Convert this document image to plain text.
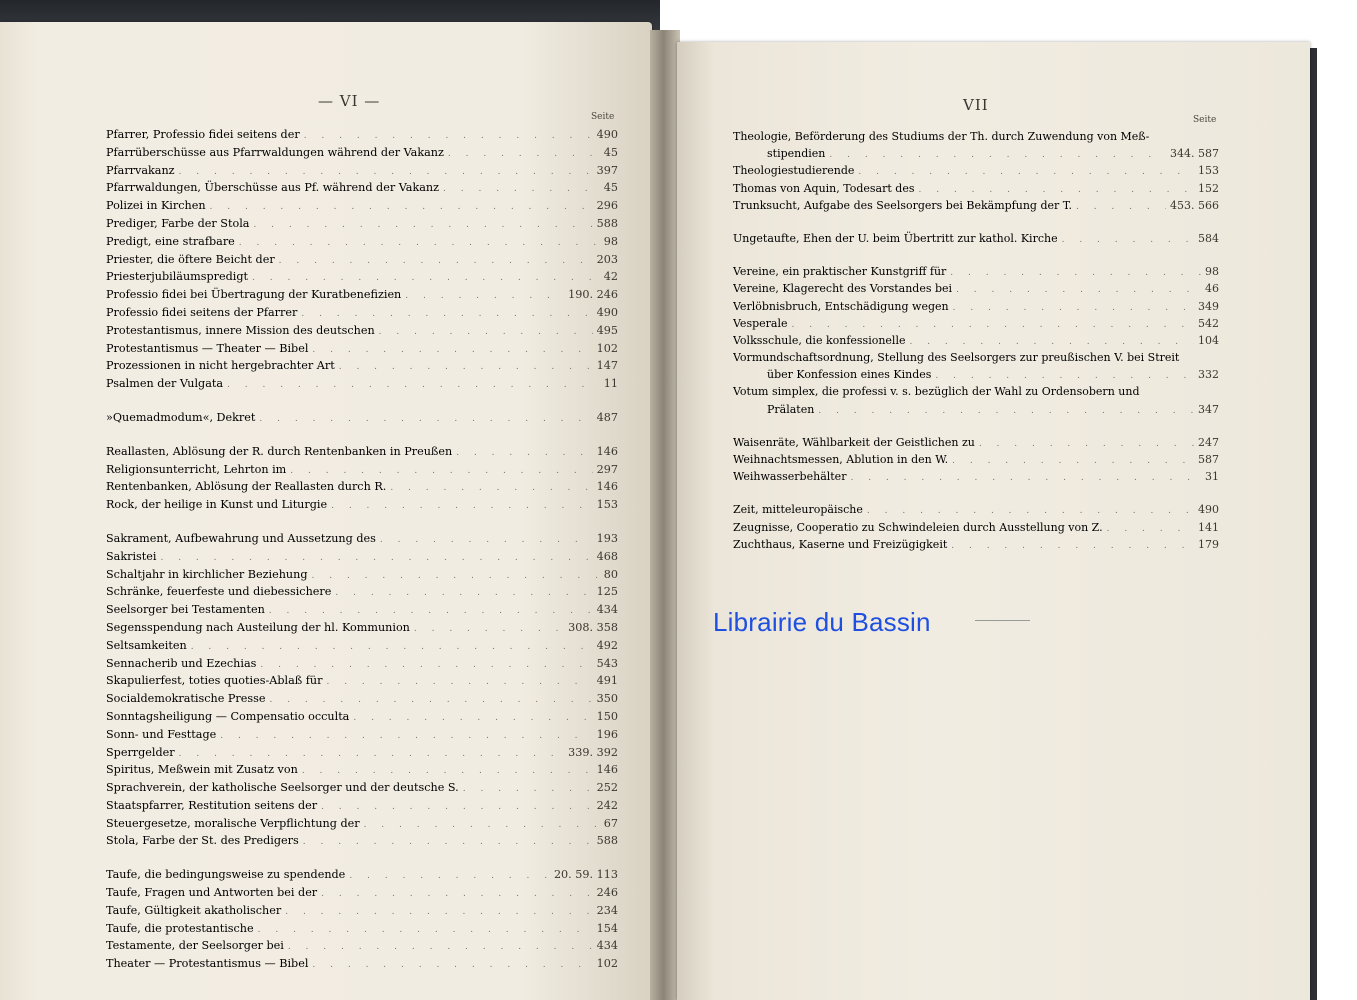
— VI —
Seite
VII
Seite
Pfarrer, Professio fidei seitens der . . .	490
Pfarrüberschüsse aus Pfarrwaldungen während der Vakanz . . .	45
Pfarrvakanz . . .	397
Pfarrwaldungen, Überschüsse aus Pf. während der Vakanz . . .	45
Polizei in Kirchen . . .	296
Prediger, Farbe der Stola . . .	588
Predigt, eine strafbare . . .	98
Priester, die öftere Beicht der . . .	203
Priesterjubiläumspredigt . . .	42
Professio fidei bei Übertragung der Kuratbenefizien . . .	190. 246
Professio fidei seitens der Pfarrer . . .	490
Protestantismus, innere Mission des deutschen . . .	495
Protestantismus — Theater — Bibel . . .	102
Prozessionen in nicht hergebrachter Art . . .	147
Psalmen der Vulgata . . .	11
»Quemadmodum«, Dekret . . .	487
Reallasten, Ablösung der R. durch Rentenbanken in Preußen . . .	146
Religionsunterricht, Lehrton im . . .	297
Rentenbanken, Ablösung der Reallasten durch R. . . .	146
Rock, der heilige in Kunst und Liturgie . . .	153
Sakrament, Aufbewahrung und Aussetzung des . . .	193
Sakristei . . .	468
Schaltjahr in kirchlicher Beziehung . . .	80
Schränke, feuerfeste und diebessichere . . .	125
Seelsorger bei Testamenten . . .	434
Segensspendung nach Austeilung der hl. Kommunion . . .	308. 358
Seltsamkeiten . . .	492
Sennacherib und Ezechias . . .	543
Skapulierfest, toties quoties-Ablaß für . . .	491
Socialdemokratische Presse . . .	350
Sonntagsheiligung — Compensatio occulta . . .	150
Sonn- und Festtage . . .	196
Sperrgelder . . .	339. 392
Spiritus, Meßwein mit Zusatz von . . .	146
Sprachverein, der katholische Seelsorger und der deutsche S. . . .	252
Staatspfarrer, Restitution seitens der . . .	242
Steuergesetze, moralische Verpflichtung der . . .	67
Stola, Farbe der St. des Predigers . . .	588
Taufe, die bedingungsweise zu spendende . . .	20. 59. 113
Taufe, Fragen und Antworten bei der . . .	246
Taufe, Gültigkeit akatholischer . . .	234
Taufe, die protestantische . . .	154
Testamente, der Seelsorger bei . . .	434
Theater — Protestantismus — Bibel . . .	102
Theologie, Beförderung des Studiums der Th. durch Zuwendung von Meß-
stipendien . . .	344. 587
Theologiestudierende . . .	153
Thomas von Aquin, Todesart des . . .	152
Trunksucht, Aufgabe des Seelsorgers bei Bekämpfung der T. . . .	453. 566
Ungetaufte, Ehen der U. beim Übertritt zur kathol. Kirche . . .	584
Vereine, ein praktischer Kunstgriff für . . .	98
Vereine, Klagerecht des Vorstandes bei . . .	46
Verlöbnisbruch, Entschädigung wegen . . .	349
Vesperale . . .	542
Volksschule, die konfessionelle . . .	104
Vormundschaftsordnung, Stellung des Seelsorgers zur preußischen V. bei Streit
über Konfession eines Kindes . . .	332
Votum simplex, die professi v. s. bezüglich der Wahl zu Ordensobern und
Prälaten . . .	347
Waisenräte, Wählbarkeit der Geistlichen zu . . .	247
Weihnachtsmessen, Ablution in den W. . . .	587
Weihwasserbehälter . . .	31
Zeit, mitteleuropäische . . .	490
Zeugnisse, Cooperatio zu Schwindeleien durch Ausstellung von Z. . . .	141
Zuchthaus, Kaserne und Freizügigkeit . . .	179
Librairie du Bassin
